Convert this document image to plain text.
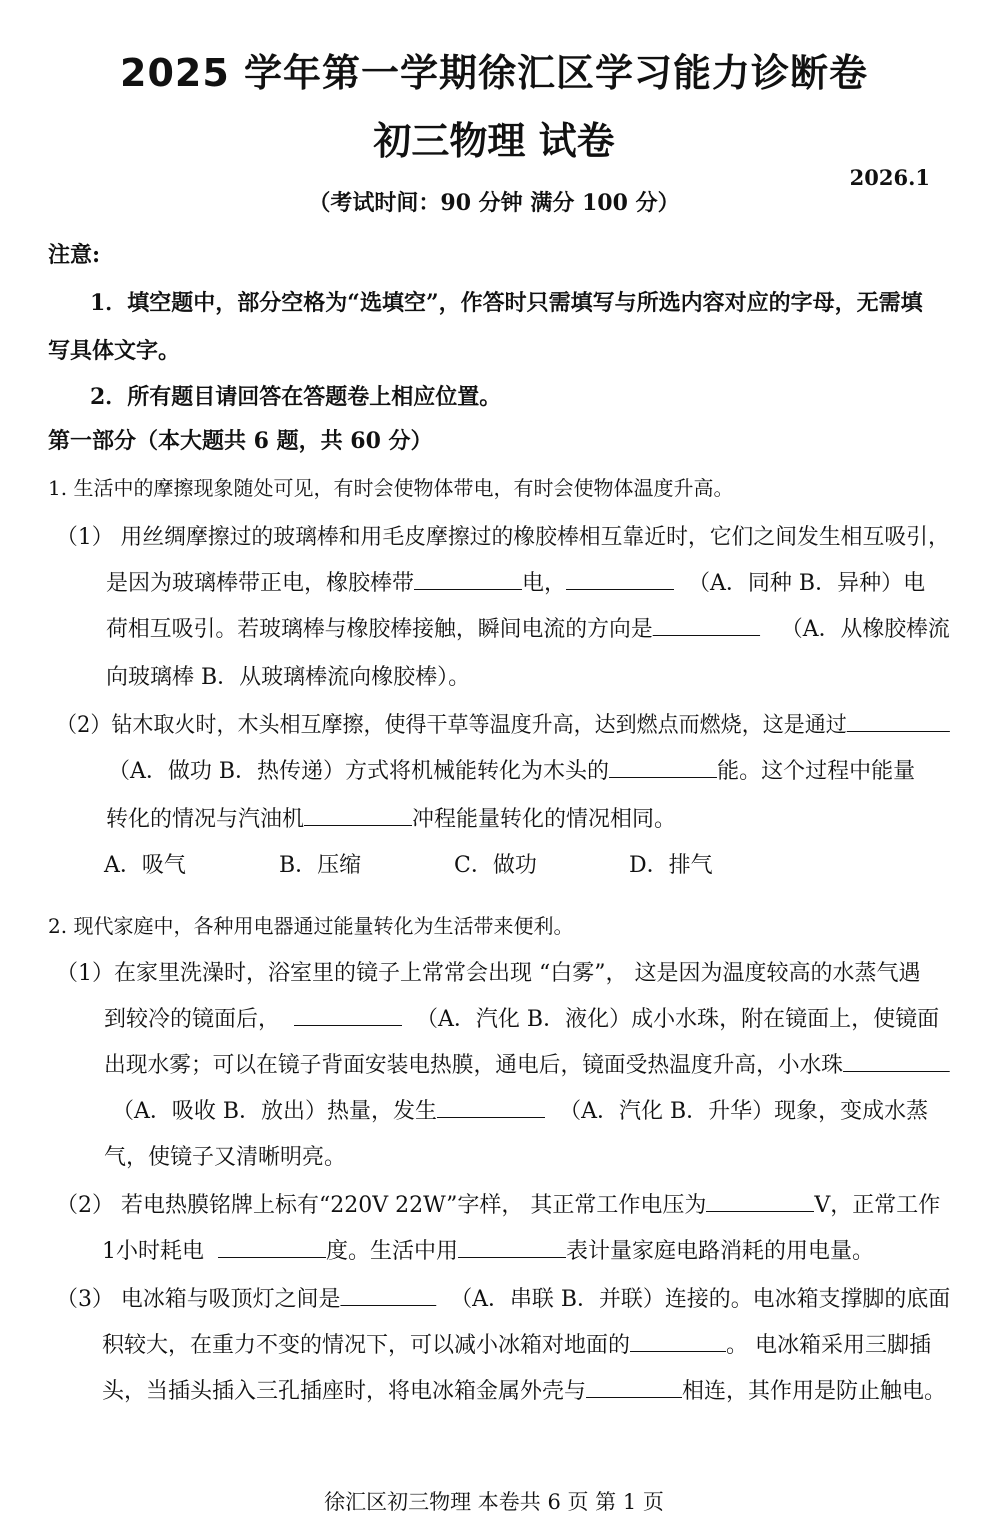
2025 学年第一学期徐汇区学习能力诊断卷
初三物理 试卷
2026.1
（考试时间：90 分钟 满分 100 分）
注意:
1．填空题中，部分空格为“选填空”，作答时只需填写与所选内容对应的字母，无需填
写具体文字。
2．所有题目请回答在答题卷上相应位置。
第一部分（本大题共 6 题，共 60 分）
1. 生活中的摩擦现象随处可见，有时会使物体带电，有时会使物体温度升高。
（1） 用丝绸摩擦过的玻璃棒和用毛皮摩擦过的橡胶棒相互靠近时，它们之间发生相互吸引，
是因为玻璃棒带正电，橡胶棒带	电，	（A．同种 B．异种）电
荷相互吸引。若玻璃棒与橡胶棒接触，瞬间电流的方向是	（A．从橡胶棒流
向玻璃棒 B．从玻璃棒流向橡胶棒）。
（2）钻木取火时，木头相互摩擦，使得干草等温度升高，达到燃点而燃烧，这是通过
（A．做功 B．热传递）方式将机械能转化为木头的	能。这个过程中能量
转化的情况与汽油机	冲程能量转化的情况相同。
A．吸气	B．压缩	C．做功	D．排气
2. 现代家庭中，各种用电器通过能量转化为生活带来便利。
（1）在家里洗澡时，浴室里的镜子上常常会出现 “白雾”， 这是因为温度较高的水蒸气遇
到较冷的镜面后，	（A．汽化 B．液化）成小水珠，附在镜面上，使镜面
出现水雾；可以在镜子背面安装电热膜，通电后，镜面受热温度升高，小水珠
（A．吸收 B．放出）热量，发生	（A．汽化 B．升华）现象，变成水蒸
气，使镜子又清晰明亮。
（2） 若电热膜铭牌上标有“220V 22W”字样， 其正常工作电压为	V，正常工作
1小时耗电	度。生活中用	表计量家庭电路消耗的用电量。
（3） 电冰箱与吸顶灯之间是	（A．串联 B．并联）连接的。电冰箱支撑脚的底面
积较大，在重力不变的情况下，可以减小冰箱对地面的	。 电冰箱采用三脚插
头，当插头插入三孔插座时，将电冰箱金属外壳与	相连，其作用是防止触电。
徐汇区初三物理 本卷共 6 页 第 1 页
